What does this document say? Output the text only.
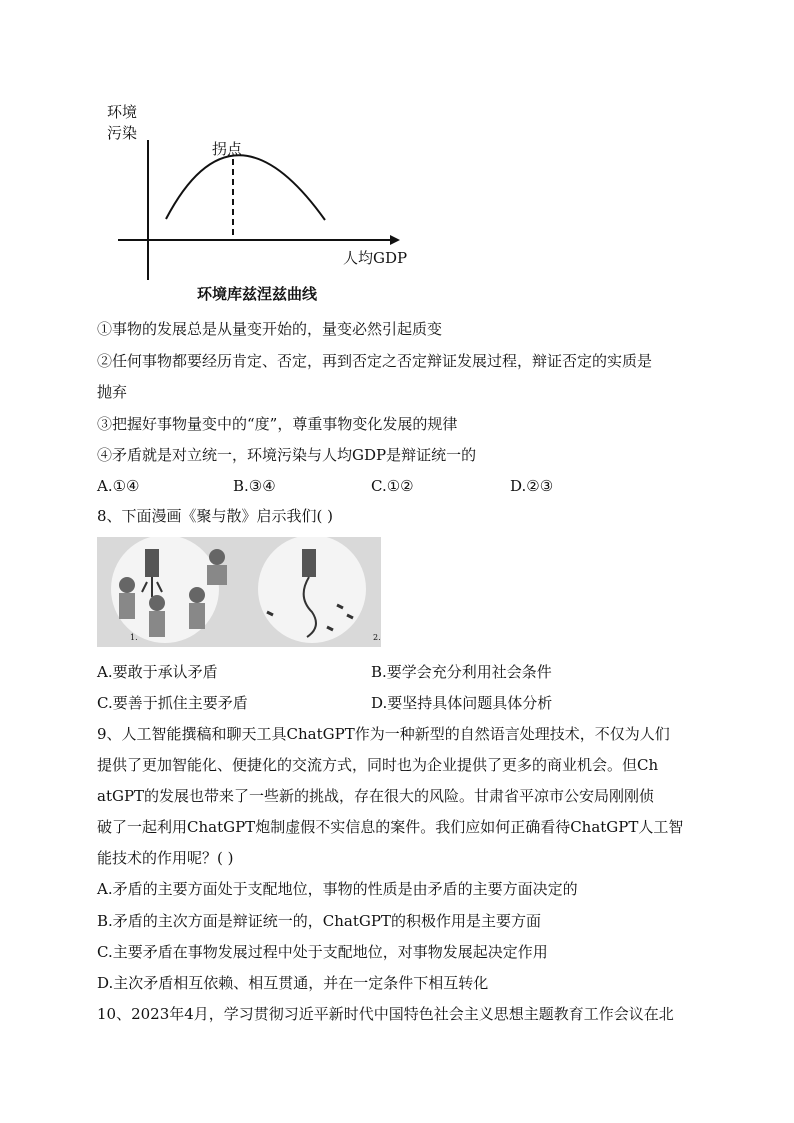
环境
污染
拐点
人均GDP
环境库兹涅兹曲线
①事物的发展总是从量变开始的，量变必然引起质变
②任何事物都要经历肯定、否定，再到否定之否定辩证发展过程，辩证否定的实质是
抛弃
③把握好事物量变中的“度”，尊重事物变化发展的规律
④矛盾就是对立统一，环境污染与人均GDP是辩证统一的
A.①④	B.③④	C.①②	D.②③
8、下面漫画《聚与散》启示我们( )
1.	2.
A.要敢于承认矛盾	B.要学会充分利用社会条件
C.要善于抓住主要矛盾	D.要坚持具体问题具体分析
9、人工智能撰稿和聊天工具ChatGPT作为一种新型的自然语言处理技术，不仅为人们
提供了更加智能化、便捷化的交流方式，同时也为企业提供了更多的商业机会。但Ch
atGPT的发展也带来了一些新的挑战，存在很大的风险。甘肃省平凉市公安局刚刚侦
破了一起利用ChatGPT炮制虚假不实信息的案件。我们应如何正确看待ChatGPT人工智
能技术的作用呢？( )
A.矛盾的主要方面处于支配地位，事物的性质是由矛盾的主要方面决定的
B.矛盾的主次方面是辩证统一的，ChatGPT的积极作用是主要方面
C.主要矛盾在事物发展过程中处于支配地位，对事物发展起决定作用
D.主次矛盾相互依赖、相互贯通，并在一定条件下相互转化
10、2023年4月，学习贯彻习近平新时代中国特色社会主义思想主题教育工作会议在北
